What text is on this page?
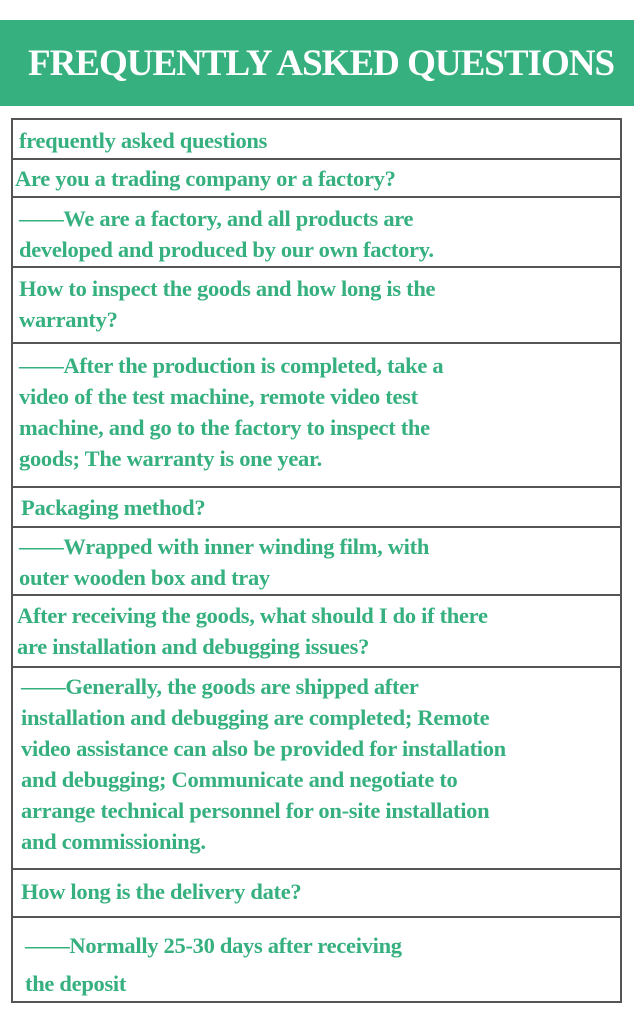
FREQUENTLY ASKED QUESTIONS
frequently asked questions
Are you a trading company or a factory?
——We are a factory, and all products are
developed and produced by our own factory.
How to inspect the goods and how long is the
warranty?
——After the production is completed, take a
video of the test machine, remote video test
machine, and go to the factory to inspect the
goods; The warranty is one year.
Packaging method?
——Wrapped with inner winding film, with
outer wooden box and tray
After receiving the goods, what should I do if there
are installation and debugging issues?
——Generally, the goods are shipped after
installation and debugging are completed; Remote
video assistance can also be provided for installation
and debugging; Communicate and negotiate to
arrange technical personnel for on-site installation
and commissioning.
How long is the delivery date?
——Normally 25-30 days after receiving
the deposit
